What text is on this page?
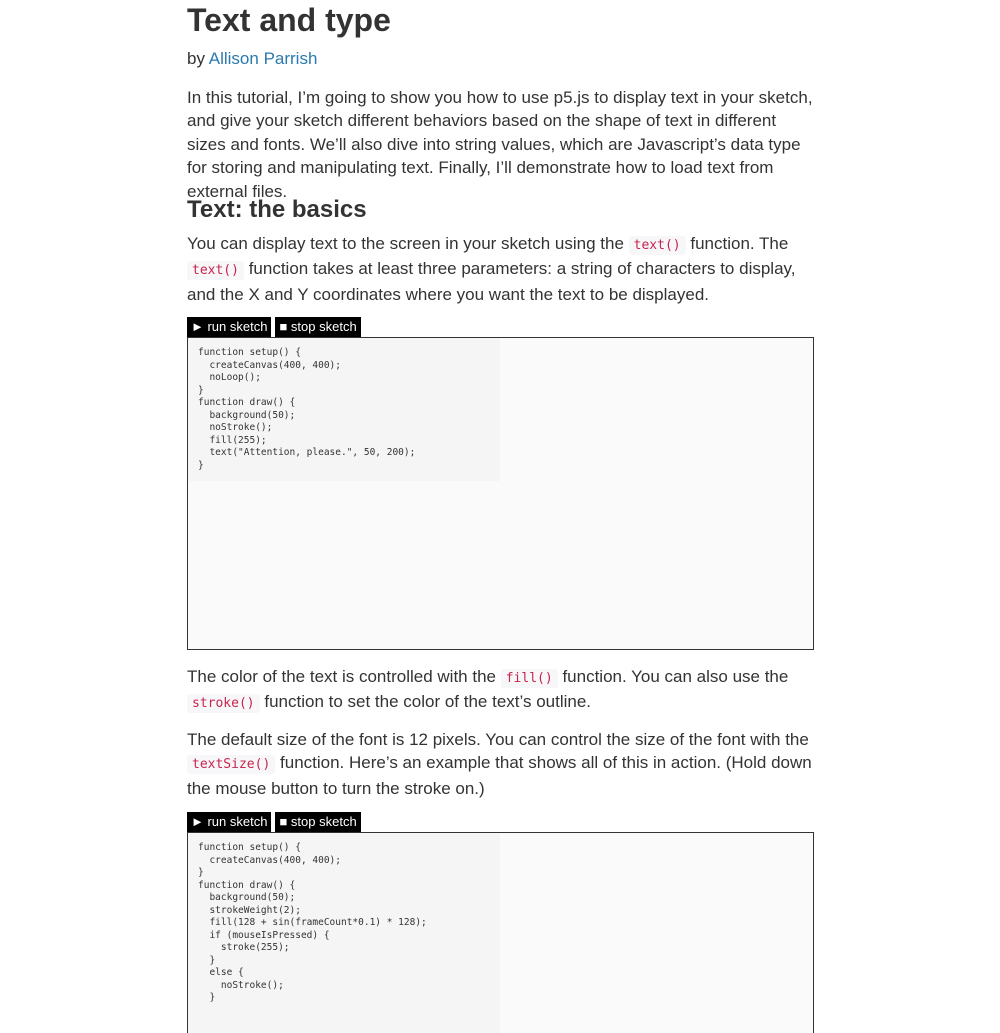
Text and type
by Allison Parrish

In this tutorial, I’m going to show you how to use p5.js to display text in your sketch, and give your sketch different behaviors based on the shape of text in different sizes and fonts. We’ll also dive into string values, which are Javascript’s data type for storing and manipulating text. Finally, I’ll demonstrate how to load text from external files.

Text: the basics

You can display text to the screen in your sketch using the text() function. The text() function takes at least three parameters: a string of characters to display, and the X and Y coordinates where you want the text to be displayed.

► run sketch ■ stop sketch
function setup() {
createCanvas(400, 400);
noLoop();
}
function draw() {
background(50);
noStroke();
fill(255);
text("Attention, please.", 50, 200);
}

The color of the text is controlled with the fill() function. You can also use the stroke() function to set the color of the text’s outline.

The default size of the font is 12 pixels. You can control the size of the font with the textSize() function. Here’s an example that shows all of this in action. (Hold down the mouse button to turn the stroke on.)

► run sketch ■ stop sketch
function setup() {
createCanvas(400, 400);
}
function draw() {
background(50);
strokeWeight(2);
fill(128 + sin(frameCount*0.1) * 128);
if (mouseIsPressed) {
stroke(255);
}
else {
noStroke();
}
